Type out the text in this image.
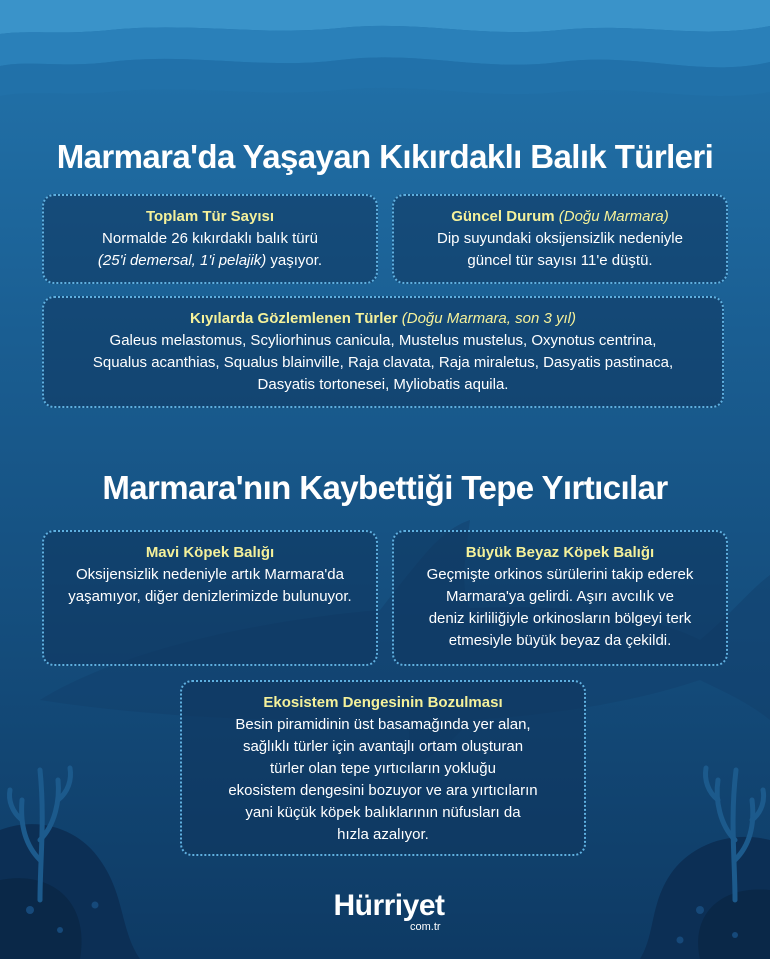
Marmara'da Yaşayan Kıkırdaklı Balık Türleri
Marmara'nın Kaybettiği Tepe Yırtıcılar
Toplam Tür Sayısı

Normalde 26 kıkırdaklı balık türü

(25'i demersal, 1'i pelajik) yaşıyor.

Güncel Durum (Doğu Marmara)

Dip suyundaki oksijensizlik nedeniyle

güncel tür sayısı 11'e düştü.

Kıyılarda Gözlemlenen Türler (Doğu Marmara, son 3 yıl)

Galeus melastomus, Scyliorhinus canicula, Mustelus mustelus, Oxynotus centrina,

Squalus acanthias, Squalus blainville, Raja clavata, Raja miraletus, Dasyatis pastinaca,

Dasyatis tortonesei, Myliobatis aquila.

Mavi Köpek Balığı

Oksijensizlik nedeniyle artık Marmara'da

yaşamıyor, diğer denizlerimizde bulunuyor.

Büyük Beyaz Köpek Balığı

Geçmişte orkinos sürülerini takip ederek

Marmara'ya gelirdi. Aşırı avcılık ve

deniz kirliliğiyle orkinosların bölgeyi terk

etmesiyle büyük beyaz da çekildi.

Ekosistem Dengesinin Bozulması

Besin piramidinin üst basamağında yer alan,

sağlıklı türler için avantajlı ortam oluşturan

türler olan tepe yırtıcıların yokluğu

ekosistem dengesini bozuyor ve ara yırtıcıların

yani küçük köpek balıklarının nüfusları da

hızla azalıyor.

Hürriyet
com.tr
